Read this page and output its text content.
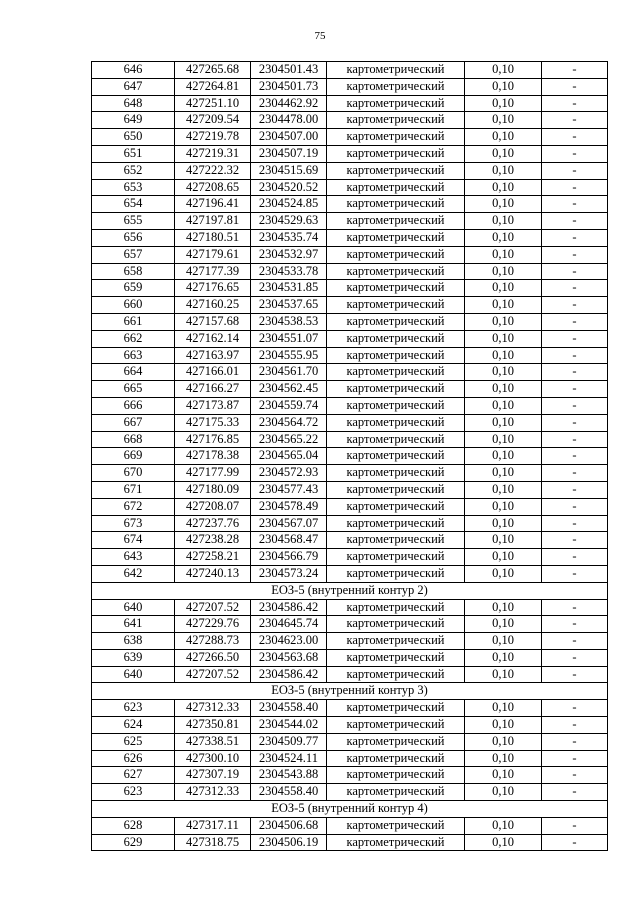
75
646	427265.68	2304501.43	картометрический	0,10	-
647	427264.81	2304501.73	картометрический	0,10	-
648	427251.10	2304462.92	картометрический	0,10	-
649	427209.54	2304478.00	картометрический	0,10	-
650	427219.78	2304507.00	картометрический	0,10	-
651	427219.31	2304507.19	картометрический	0,10	-
652	427222.32	2304515.69	картометрический	0,10	-
653	427208.65	2304520.52	картометрический	0,10	-
654	427196.41	2304524.85	картометрический	0,10	-
655	427197.81	2304529.63	картометрический	0,10	-
656	427180.51	2304535.74	картометрический	0,10	-
657	427179.61	2304532.97	картометрический	0,10	-
658	427177.39	2304533.78	картометрический	0,10	-
659	427176.65	2304531.85	картометрический	0,10	-
660	427160.25	2304537.65	картометрический	0,10	-
661	427157.68	2304538.53	картометрический	0,10	-
662	427162.14	2304551.07	картометрический	0,10	-
663	427163.97	2304555.95	картометрический	0,10	-
664	427166.01	2304561.70	картометрический	0,10	-
665	427166.27	2304562.45	картометрический	0,10	-
666	427173.87	2304559.74	картометрический	0,10	-
667	427175.33	2304564.72	картометрический	0,10	-
668	427176.85	2304565.22	картометрический	0,10	-
669	427178.38	2304565.04	картометрический	0,10	-
670	427177.99	2304572.93	картометрический	0,10	-
671	427180.09	2304577.43	картометрический	0,10	-
672	427208.07	2304578.49	картометрический	0,10	-
673	427237.76	2304567.07	картометрический	0,10	-
674	427238.28	2304568.47	картометрический	0,10	-
643	427258.21	2304566.79	картометрический	0,10	-
642	427240.13	2304573.24	картометрический	0,10	-
ЕОЗ-5 (внутренний контур 2)					
640	427207.52	2304586.42	картометрический	0,10	-
641	427229.76	2304645.74	картометрический	0,10	-
638	427288.73	2304623.00	картометрический	0,10	-
639	427266.50	2304563.68	картометрический	0,10	-
640	427207.52	2304586.42	картометрический	0,10	-
ЕОЗ-5 (внутренний контур 3)					
623	427312.33	2304558.40	картометрический	0,10	-
624	427350.81	2304544.02	картометрический	0,10	-
625	427338.51	2304509.77	картометрический	0,10	-
626	427300.10	2304524.11	картометрический	0,10	-
627	427307.19	2304543.88	картометрический	0,10	-
623	427312.33	2304558.40	картометрический	0,10	-
ЕОЗ-5 (внутренний контур 4)					
628	427317.11	2304506.68	картометрический	0,10	-
629	427318.75	2304506.19	картометрический	0,10	-
